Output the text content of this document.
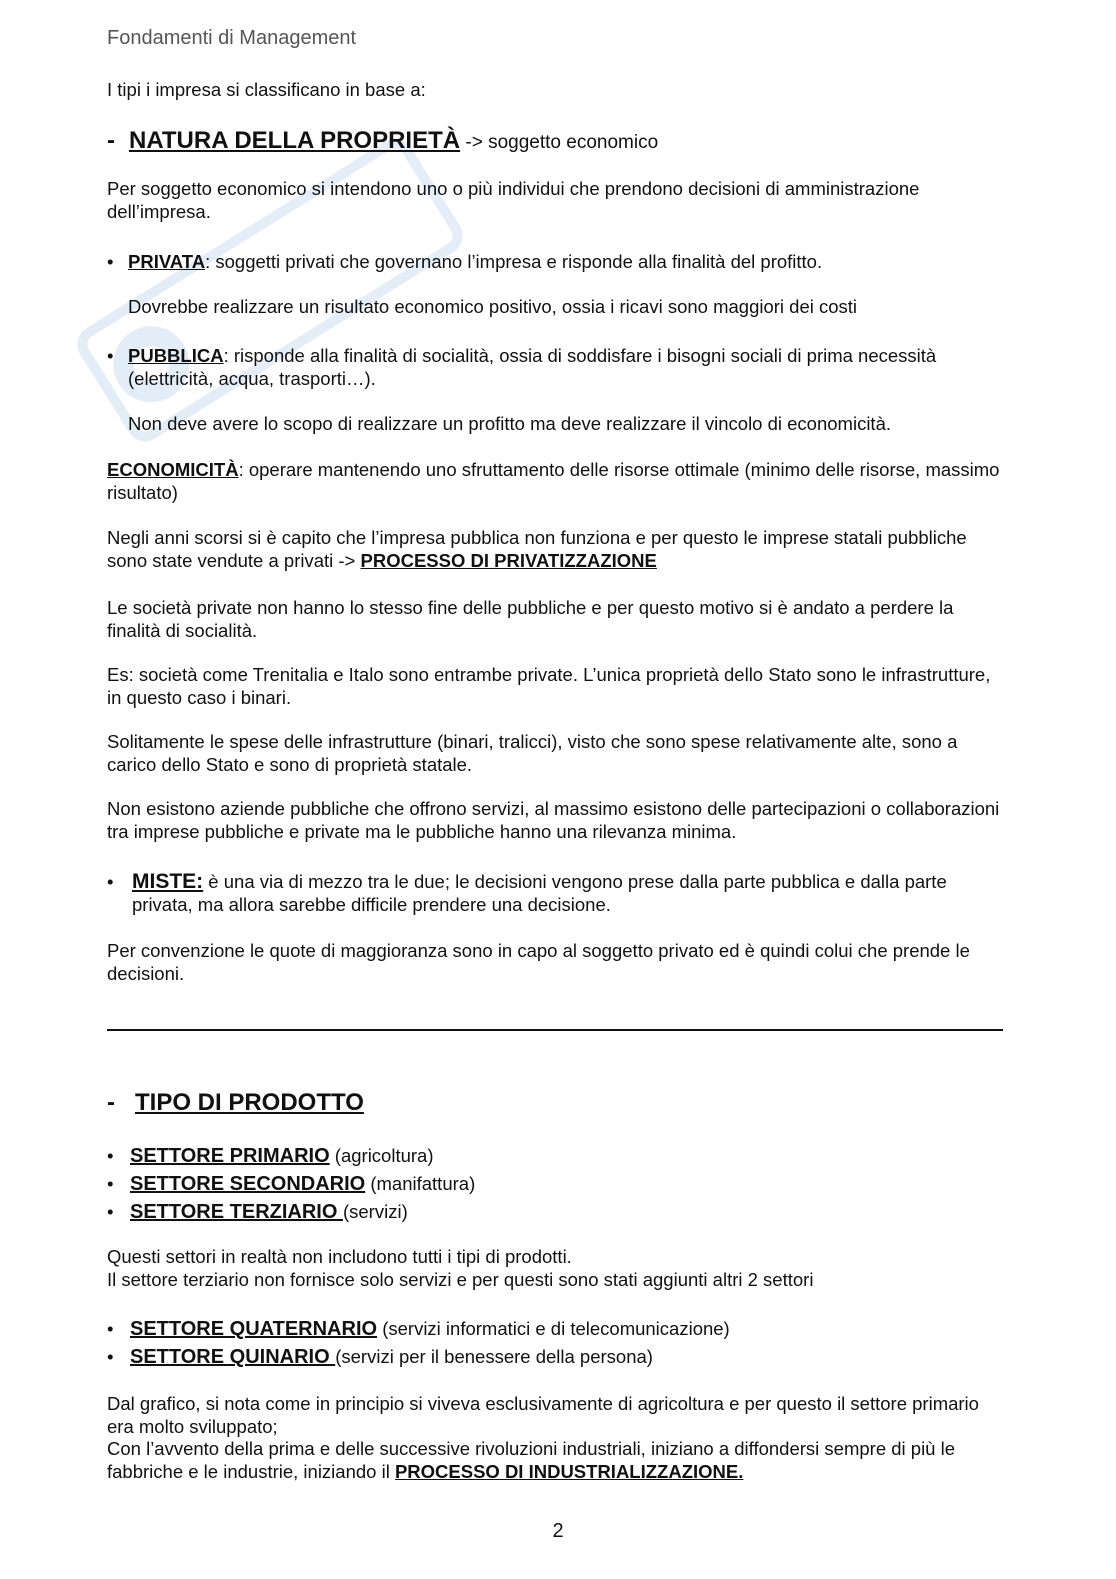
Fondamenti di Management

I tipi i impresa si classificano in base a:

- NATURA DELLA PROPRIETÀ -> soggetto economico

Per soggetto economico si intendono uno o più individui che prendono decisioni di amministrazione dell’impresa.

• PRIVATA: soggetti privati che governano l’impresa e risponde alla finalità del profitto.

Dovrebbe realizzare un risultato economico positivo, ossia i ricavi sono maggiori dei costi

• PUBBLICA: risponde alla finalità di socialità, ossia di soddisfare i bisogni sociali di prima necessità (elettricità, acqua, trasporti…).

Non deve avere lo scopo di realizzare un profitto ma deve realizzare il vincolo di economicità.

ECONOMICITÀ: operare mantenendo uno sfruttamento delle risorse ottimale (minimo delle risorse, massimo risultato)

Negli anni scorsi si è capito che l’impresa pubblica non funziona e per questo le imprese statali pubbliche sono state vendute a privati -> PROCESSO DI PRIVATIZZAZIONE

Le società private non hanno lo stesso fine delle pubbliche e per questo motivo si è andato a perdere la finalità di socialità.

Es: società come Trenitalia e Italo sono entrambe private. L’unica proprietà dello Stato sono le infrastrutture, in questo caso i binari.

Solitamente le spese delle infrastrutture (binari, tralicci), visto che sono spese relativamente alte, sono a carico dello Stato e sono di proprietà statale.

Non esistono aziende pubbliche che offrono servizi, al massimo esistono delle partecipazioni o collaborazioni tra imprese pubbliche e private ma le pubbliche hanno una rilevanza minima.

• MISTE: è una via di mezzo tra le due; le decisioni vengono prese dalla parte pubblica e dalla parte privata, ma allora sarebbe difficile prendere una decisione.

Per convenzione le quote di maggioranza sono in capo al soggetto privato ed è quindi colui che prende le decisioni.

- TIPO DI PRODOTTO
• SETTORE PRIMARIO (agricoltura)
• SETTORE SECONDARIO (manifattura)
• SETTORE TERZIARIO (servizi)

Questi settori in realtà non includono tutti i tipi di prodotti.

Il settore terziario non fornisce solo servizi e per questi sono stati aggiunti altri 2 settori

• SETTORE QUATERNARIO (servizi informatici e di telecomunicazione)
• SETTORE QUINARIO (servizi per il benessere della persona)

Dal grafico, si nota come in principio si viveva esclusivamente di agricoltura e per questo il settore primario era molto sviluppato;

Con l’avvento della prima e delle successive rivoluzioni industriali, iniziano a diffondersi sempre di più le fabbriche e le industrie, iniziando il PROCESSO DI INDUSTRIALIZZAZIONE.

2
